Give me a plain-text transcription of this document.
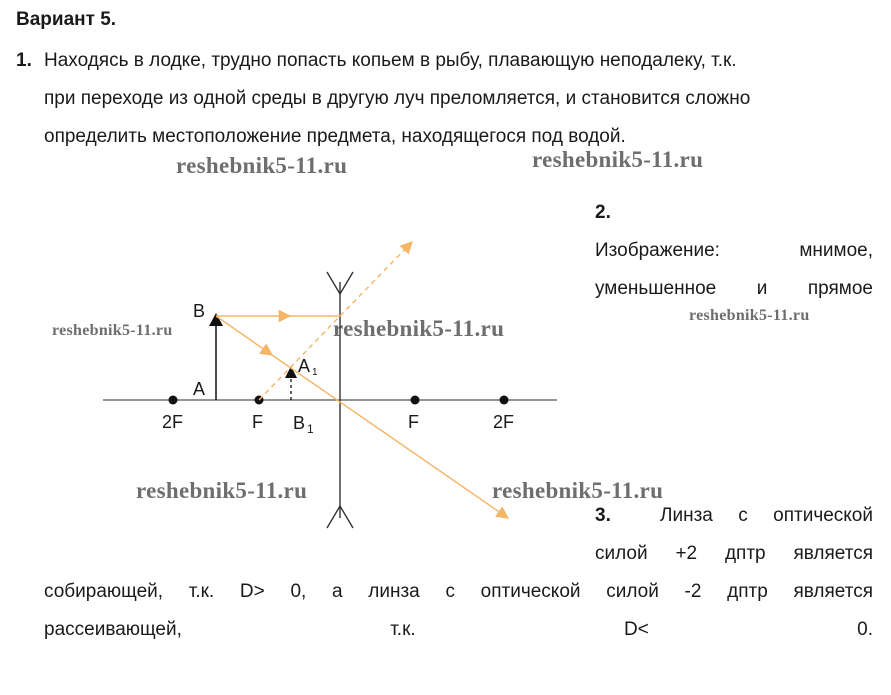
Вариант 5.
1. Находясь в лодке, трудно попасть копьем в рыбу, плавающую неподалеку, т.к.
при переходе из одной среды в другую луч преломляется, и становится сложно
определить местоположение предмета, находящегося под водой.
reshebnik5-11.ru	reshebnik5-11.ru
reshebnik5-11.ru	reshebnik5-11.ru
reshebnik5-11.ru
reshebnik5-11.ru	reshebnik5-11.ru
2.
Изображение: мнимое,
уменьшенное и прямое
3.	Линза с оптической
силой +2 дптр является
собирающей, т.к. D> 0, а линза с оптической силой -2 дптр является
рассеивающей, т.к. D< 0.
B
A
A 1
2F	F B 1	F	2F
